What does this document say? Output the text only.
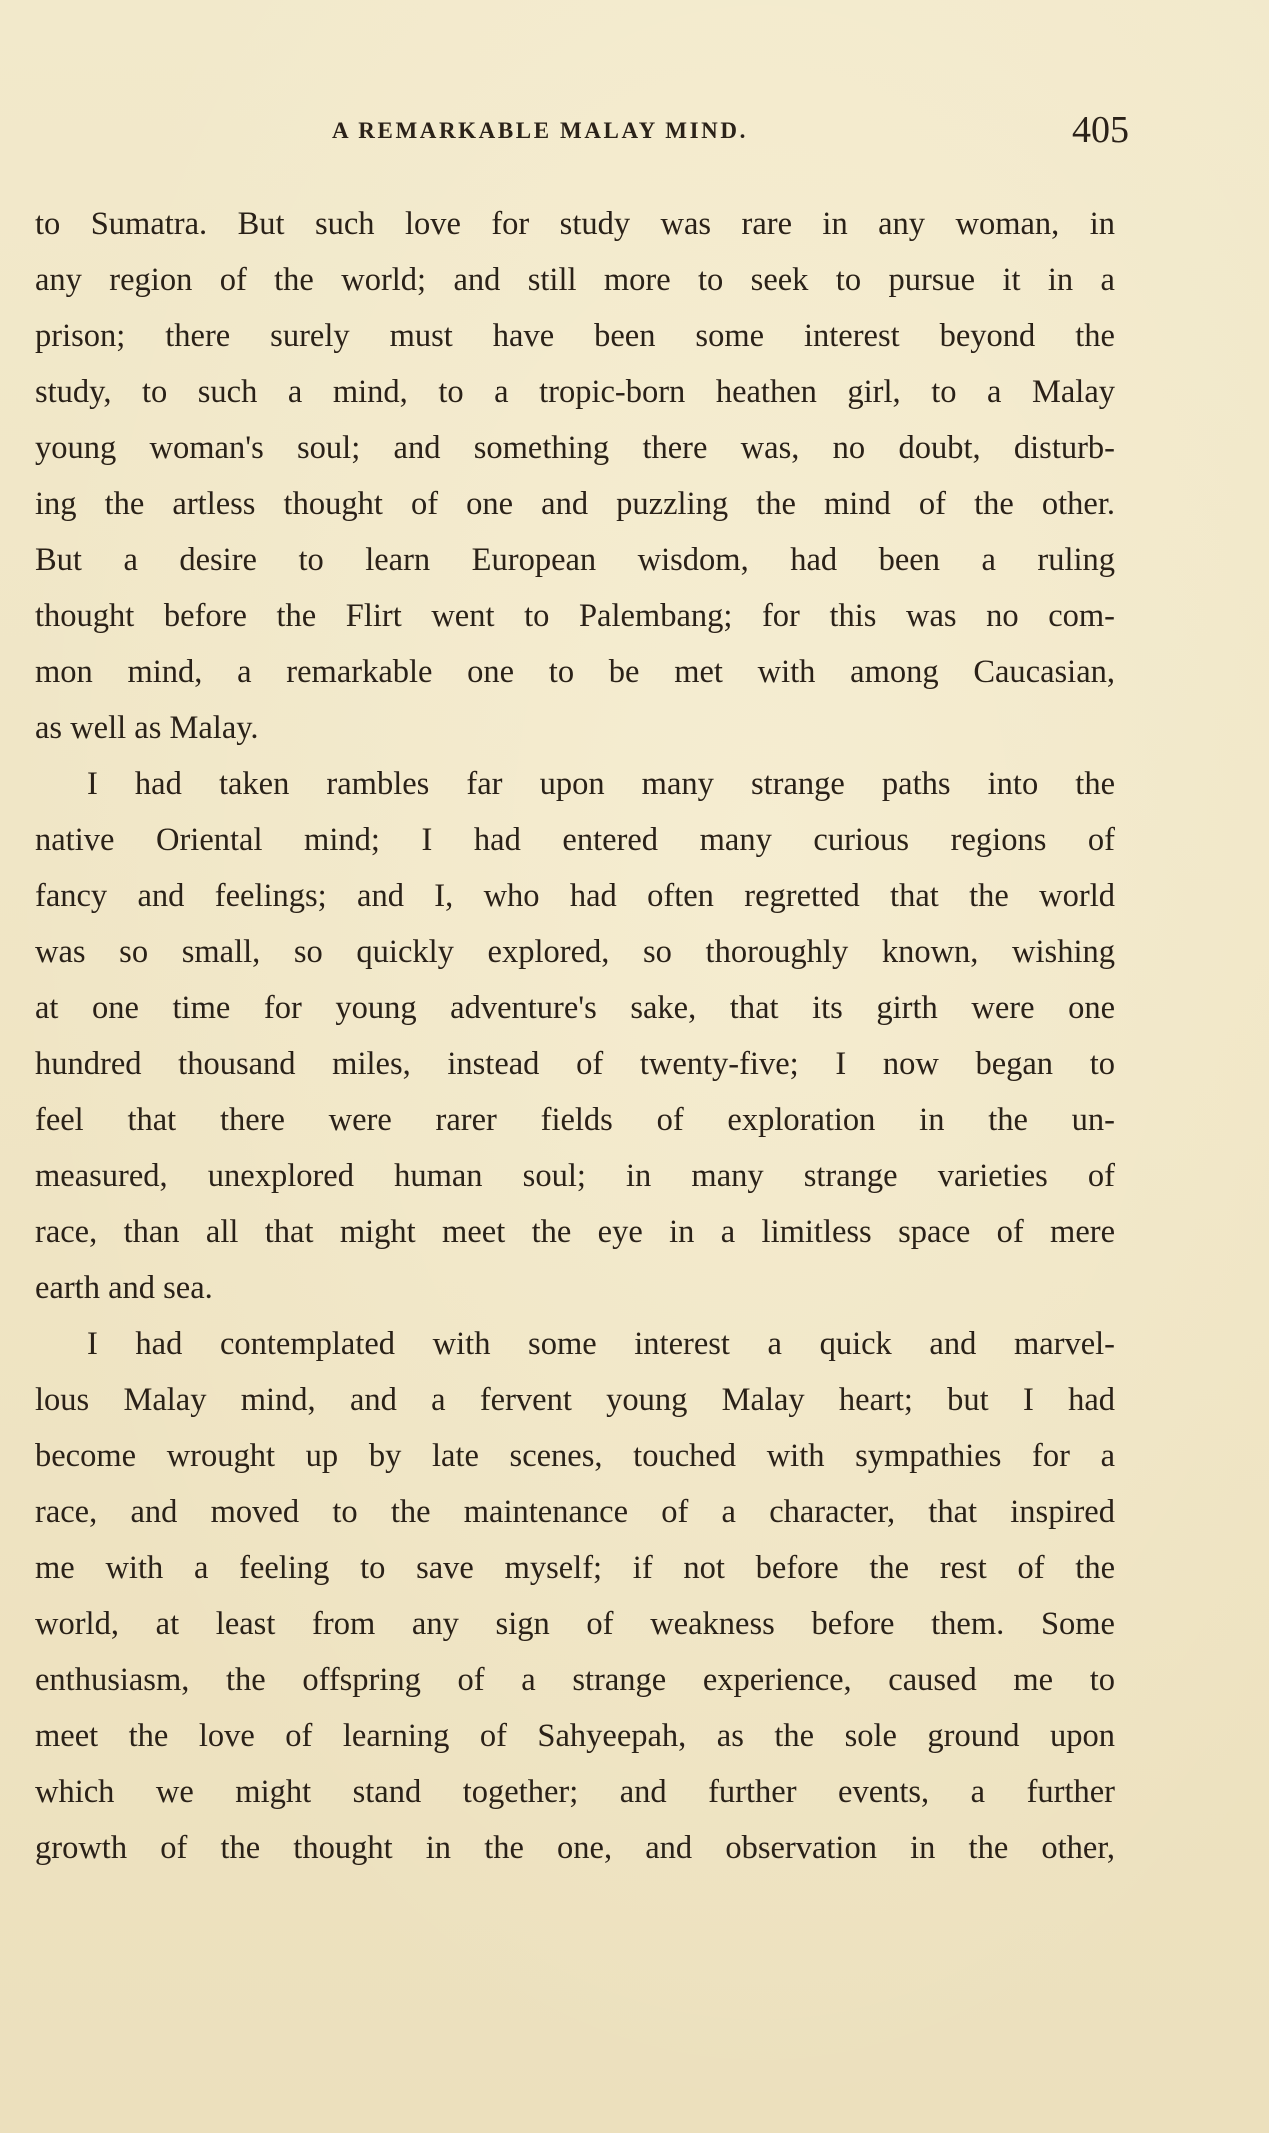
A REMARKABLE MALAY MIND.	405
to Sumatra. But such love for study was rare in any woman, in
any region of the world; and still more to seek to pursue it in a
prison; there surely must have been some interest beyond the
study, to such a mind, to a tropic-born heathen girl, to a Malay
young woman's soul; and something there was, no doubt, disturb-
ing the artless thought of one and puzzling the mind of the other.
But a desire to learn European wisdom, had been a ruling
thought before the Flirt went to Palembang; for this was no com-
mon mind, a remarkable one to be met with among Caucasian,
as well as Malay.
I had taken rambles far upon many strange paths into the
native Oriental mind; I had entered many curious regions of
fancy and feelings; and I, who had often regretted that the world
was so small, so quickly explored, so thoroughly known, wishing
at one time for young adventure's sake, that its girth were one
hundred thousand miles, instead of twenty-five; I now began to
feel that there were rarer fields of exploration in the un-
measured, unexplored human soul; in many strange varieties of
race, than all that might meet the eye in a limitless space of mere
earth and sea.
I had contemplated with some interest a quick and marvel-
lous Malay mind, and a fervent young Malay heart; but I had
become wrought up by late scenes, touched with sympathies for a
race, and moved to the maintenance of a character, that inspired
me with a feeling to save myself; if not before the rest of the
world, at least from any sign of weakness before them. Some
enthusiasm, the offspring of a strange experience, caused me to
meet the love of learning of Sahyeepah, as the sole ground upon
which we might stand together; and further events, a further
growth of the thought in the one, and observation in the other,
